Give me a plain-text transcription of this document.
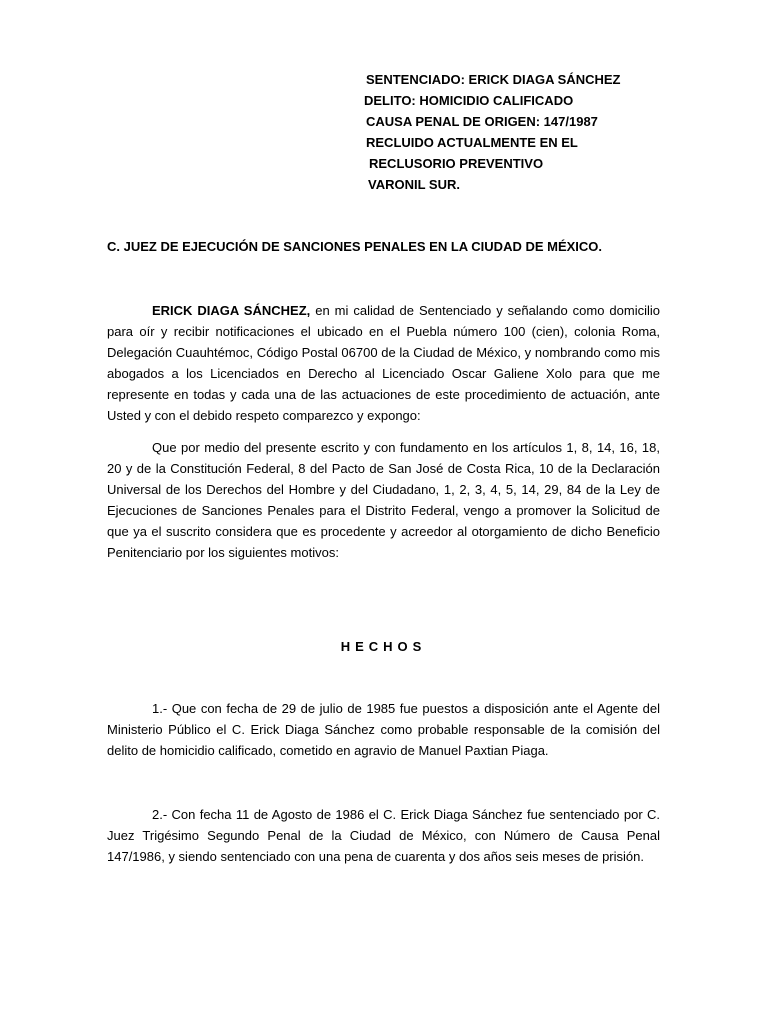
SENTENCIADO: ERICK DIAGA SÁNCHEZ
DELITO: HOMICIDIO CALIFICADO
CAUSA PENAL DE ORIGEN: 147/1987
RECLUIDO ACTUALMENTE EN EL
RECLUSORIO PREVENTIVO
VARONIL SUR.
C. JUEZ DE EJECUCIÓN DE SANCIONES PENALES EN LA CIUDAD DE MÉXICO.
ERICK DIAGA SÁNCHEZ, en mi calidad de Sentenciado y señalando como domicilio para oír y recibir notificaciones el ubicado en el Puebla número 100 (cien), colonia Roma, Delegación Cuauhtémoc, Código Postal 06700 de la Ciudad de México, y nombrando como mis abogados a los Licenciados en Derecho al Licenciado Oscar Galiene Xolo para que me represente en todas y cada una de las actuaciones de este procedimiento de actuación, ante Usted y con el debido respeto comparezco y expongo:
Que por medio del presente escrito y con fundamento en los artículos 1, 8, 14, 16, 18, 20 y de la Constitución Federal, 8 del Pacto de San José de Costa Rica, 10 de la Declaración Universal de los Derechos del Hombre y del Ciudadano, 1, 2, 3, 4, 5, 14, 29, 84 de la Ley de Ejecuciones de Sanciones Penales para el Distrito Federal, vengo a promover la Solicitud de que ya el suscrito considera que es procedente y acreedor al otorgamiento de dicho Beneficio Penitenciario por los siguientes motivos:
HECHOS
1.- Que con fecha de 29 de julio de 1985 fue puestos a disposición ante el Agente del Ministerio Público el C. Erick Diaga Sánchez como probable responsable de la comisión del delito de homicidio calificado, cometido en agravio de Manuel Paxtian Piaga.
2.- Con fecha 11 de Agosto de 1986 el C. Erick Diaga Sánchez fue sentenciado por C. Juez Trigésimo Segundo Penal de la Ciudad de México, con Número de Causa Penal 147/1986, y siendo sentenciado con una pena de cuarenta y dos años seis meses de prisión.
